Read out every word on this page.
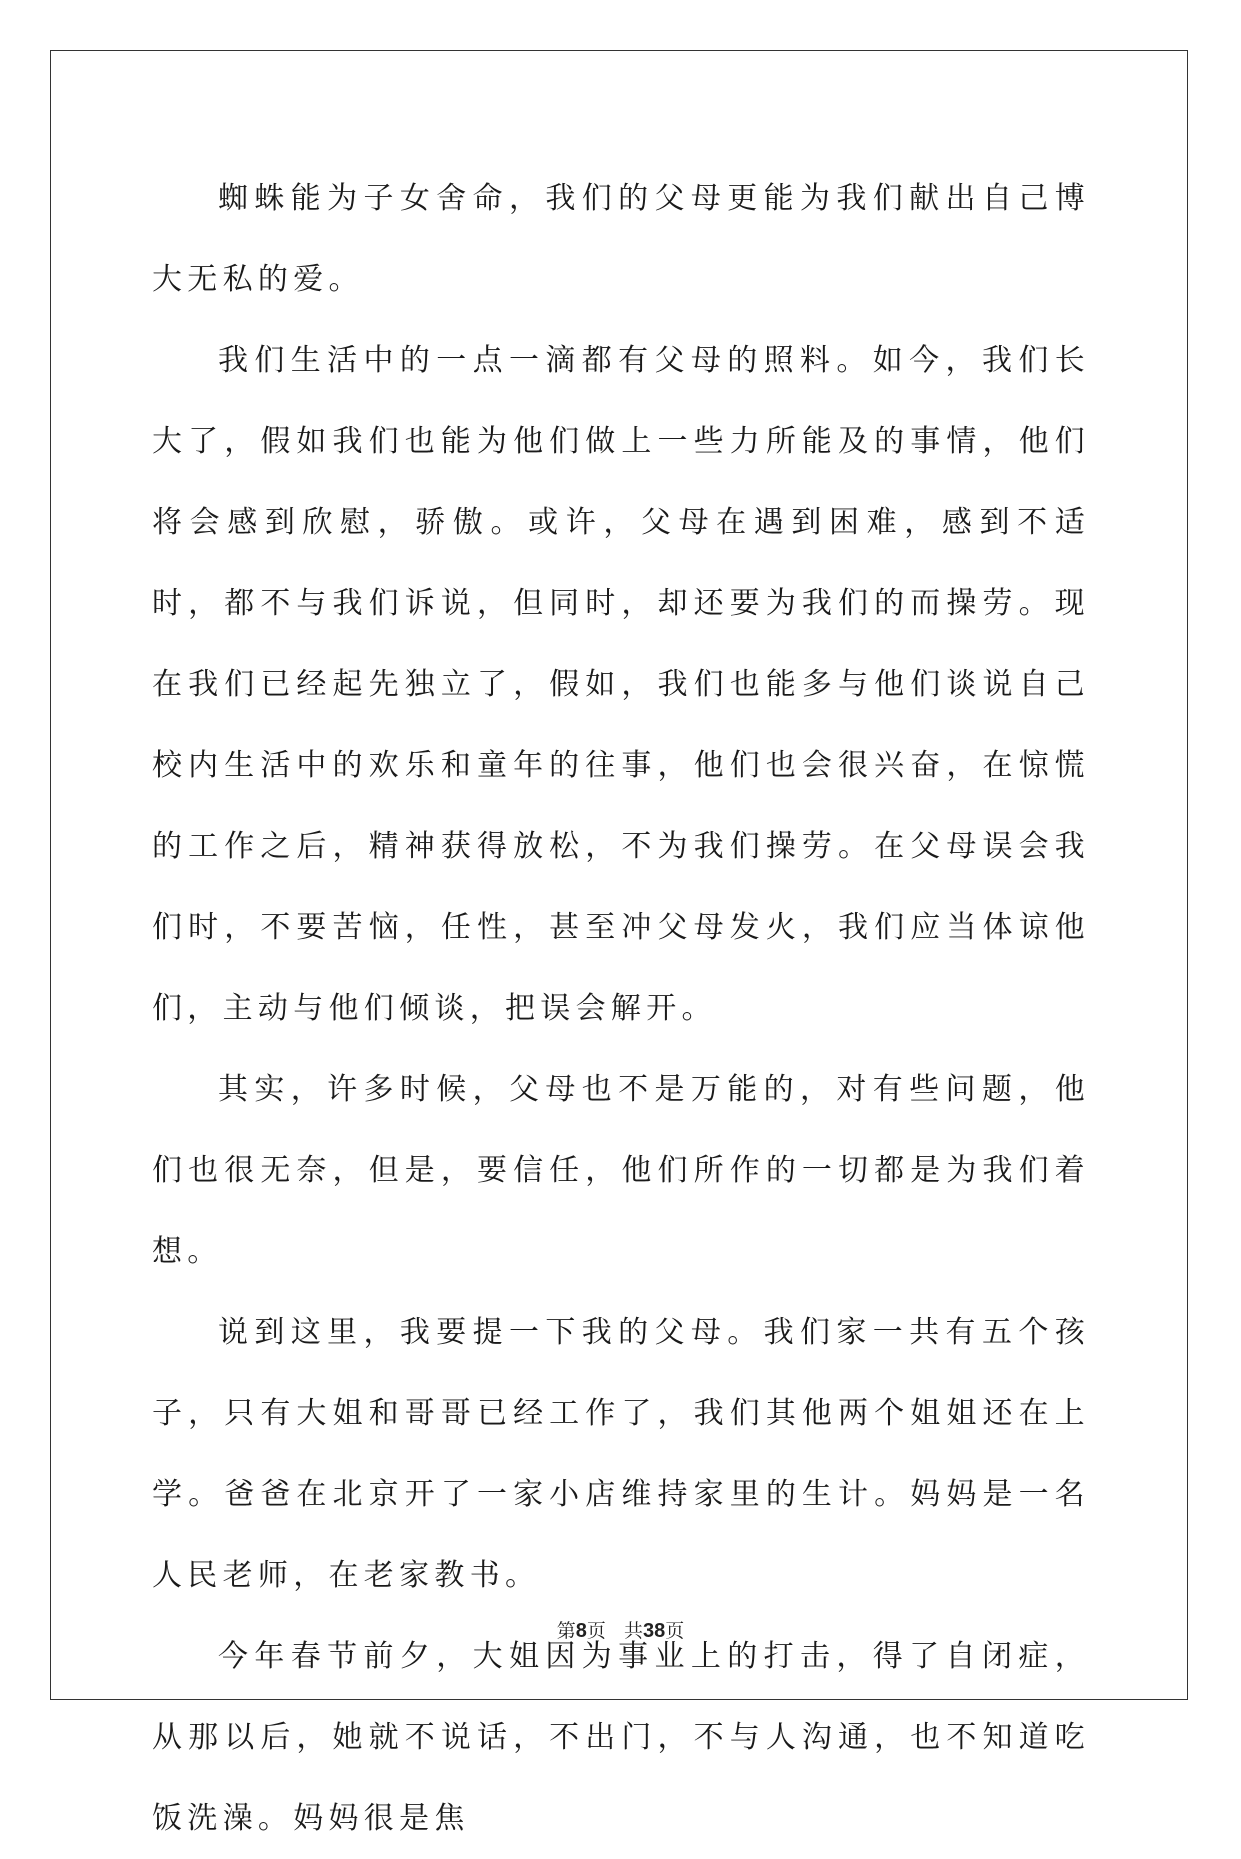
蜘蛛能为子女舍命，我们的父母更能为我们献出自己博大无私的爱。

我们生活中的一点一滴都有父母的照料。如今，我们长大了，假如我们也能为他们做上一些力所能及的事情，他们将会感到欣慰，骄傲。或许，父母在遇到困难，感到不适时，都不与我们诉说，但同时，却还要为我们的而操劳。现在我们已经起先独立了，假如，我们也能多与他们谈说自己校内生活中的欢乐和童年的往事，他们也会很兴奋，在惊慌的工作之后，精神获得放松，不为我们操劳。在父母误会我们时，不要苦恼，任性，甚至冲父母发火，我们应当体谅他们，主动与他们倾谈，把误会解开。

其实，许多时候，父母也不是万能的，对有些问题，他们也很无奈，但是，要信任，他们所作的一切都是为我们着想。

说到这里，我要提一下我的父母。我们家一共有五个孩子，只有大姐和哥哥已经工作了，我们其他两个姐姐还在上学。爸爸在北京开了一家小店维持家里的生计。妈妈是一名人民老师，在老家教书。

今年春节前夕，大姐因为事业上的打击，得了自闭症，从那以后，她就不说话，不出门，不与人沟通，也不知道吃饭洗澡。妈妈很是焦

第8页 共38页
